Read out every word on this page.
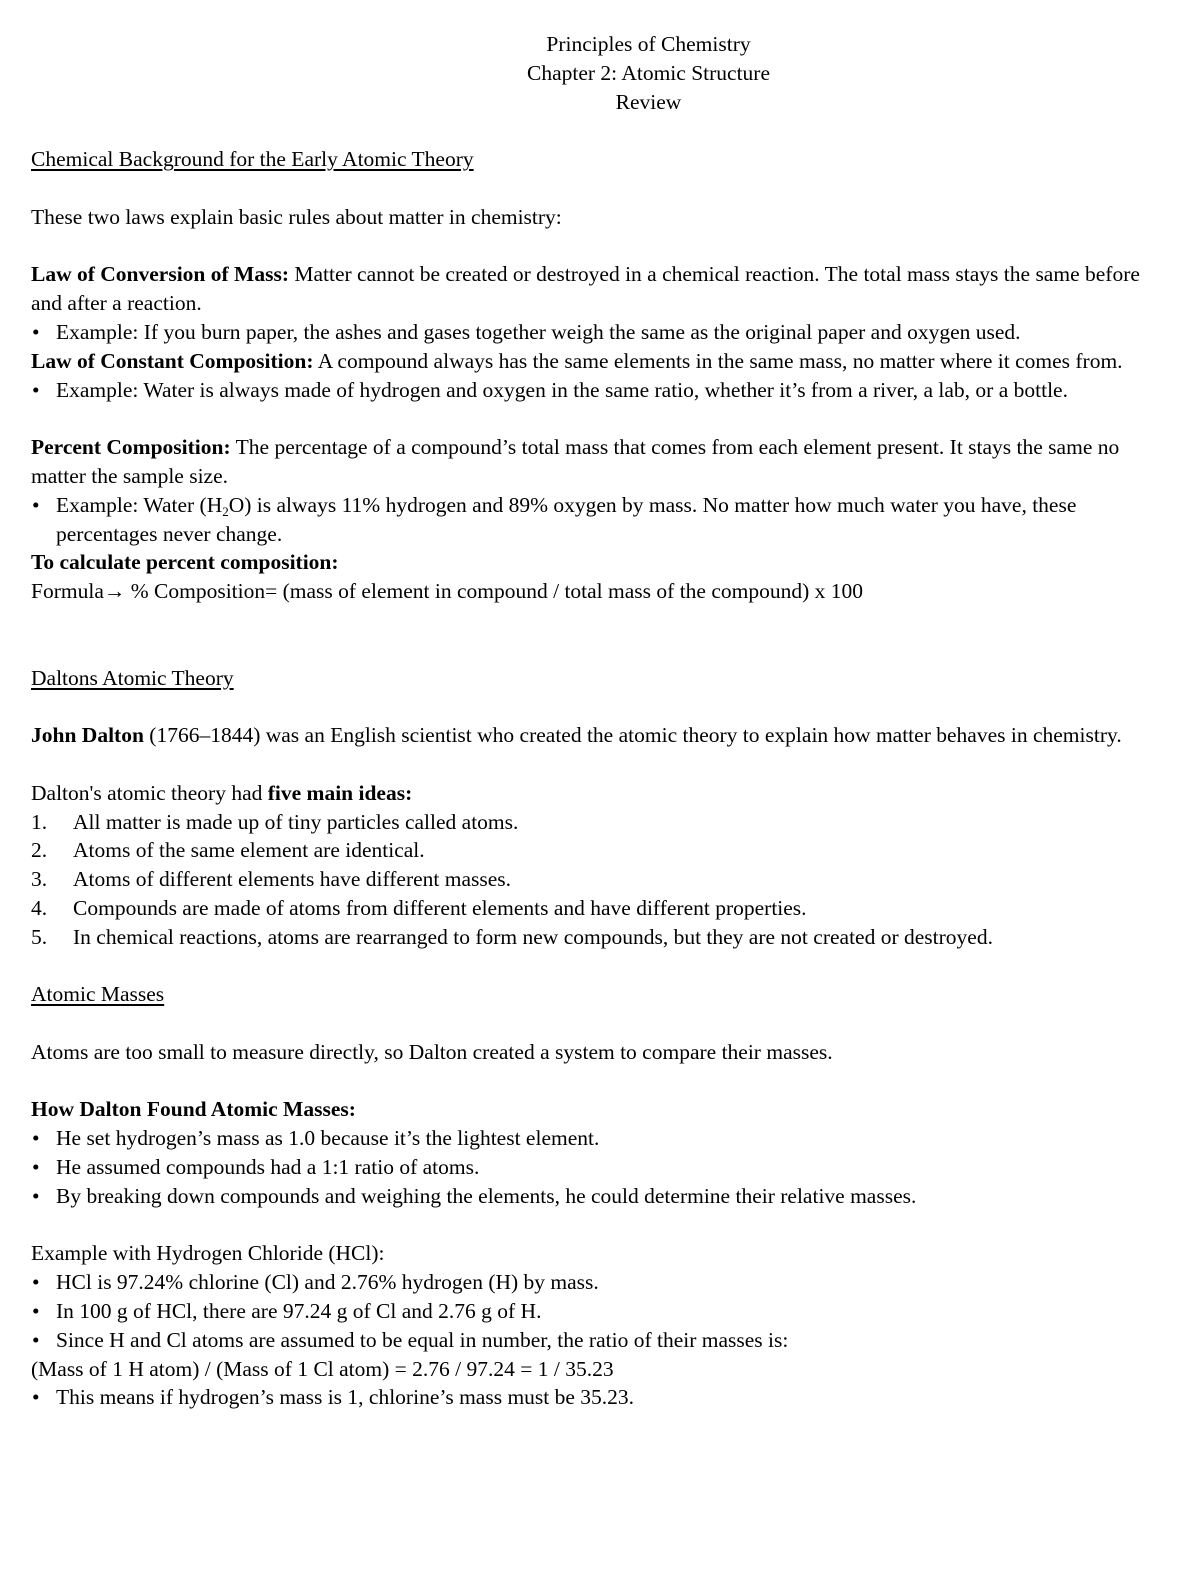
Principles of Chemistry
Chapter 2: Atomic Structure
Review

Chemical Background for the Early Atomic Theory

These two laws explain basic rules about matter in chemistry:

Law of Conversion of Mass: Matter cannot be created or destroyed in a chemical reaction. The total mass stays the same before and after a reaction.

• Example: If you burn paper, the ashes and gases together weigh the same as the original paper and oxygen used.

Law of Constant Composition: A compound always has the same elements in the same mass, no matter where it comes from.

• Example: Water is always made of hydrogen and oxygen in the same ratio, whether it’s from a river, a lab, or a bottle.

Percent Composition: The percentage of a compound’s total mass that comes from each element present. It stays the same no matter the sample size.

• Example: Water $(H_2O)$ is always 11% hydrogen and 89% oxygen by mass. No matter how much water you have, these percentages never change.

To calculate percent composition:

Formula→ % Composition= (mass of element in compound / total mass of the compound) x 100

Daltons Atomic Theory

John Dalton (1766–1844) was an English scientist who created the atomic theory to explain how matter behaves in chemistry.

Dalton's atomic theory had five main ideas:

1. All matter is made up of tiny particles called atoms.

2. Atoms of the same element are identical.

3. Atoms of different elements have different masses.

4. Compounds are made of atoms from different elements and have different properties.

5. In chemical reactions, atoms are rearranged to form new compounds, but they are not created or destroyed.

Atomic Masses

Atoms are too small to measure directly, so Dalton created a system to compare their masses.

How Dalton Found Atomic Masses:

• He set hydrogen’s mass as 1.0 because it’s the lightest element.

• He assumed compounds had a 1:1 ratio of atoms.

• By breaking down compounds and weighing the elements, he could determine their relative masses.

Example with Hydrogen Chloride (HCl):

• HCl is 97.24% chlorine (Cl) and 2.76% hydrogen (H) by mass.

• In 100 g of HCl, there are 97.24 g of Cl and 2.76 g of H.

• Since H and Cl atoms are assumed to be equal in number, the ratio of their masses is:

(Mass of 1 H atom) / (Mass of 1 Cl atom) = 2.76 / 97.24 = 1 / 35.23

• This means if hydrogen’s mass is 1, chlorine’s mass must be 35.23.
